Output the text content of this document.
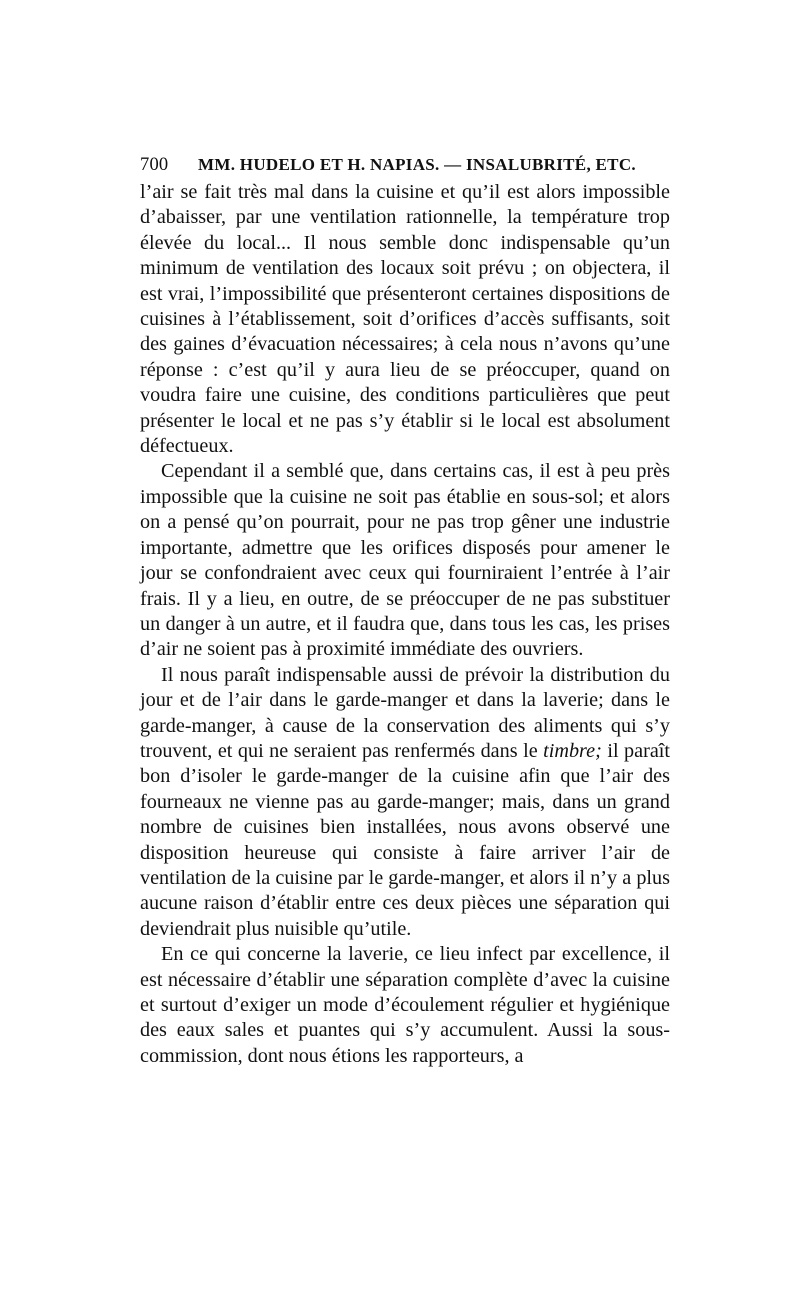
700	MM. HUDELO ET H. NAPIAS. — INSALUBRITÉ, ETC.

l’air se fait très mal dans la cuisine et qu’il est alors impossible d’abaisser, par une ventilation rationnelle, la température trop élevée du local... Il nous semble donc indispensable qu’un minimum de ventilation des locaux soit prévu ; on objectera, il est vrai, l’impossibilité que présenteront certaines dispositions de cuisines à l’établissement, soit d’orifices d’accès suffisants, soit des gaines d’évacuation nécessaires; à cela nous n’avons qu’une réponse : c’est qu’il y aura lieu de se préoccuper, quand on voudra faire une cuisine, des conditions particulières que peut présenter le local et ne pas s’y établir si le local est absolument défectueux.

Cependant il a semblé que, dans certains cas, il est à peu près impossible que la cuisine ne soit pas établie en sous-sol; et alors on a pensé qu’on pourrait, pour ne pas trop gêner une industrie importante, admettre que les orifices disposés pour amener le jour se confondraient avec ceux qui fourniraient l’entrée à l’air frais. Il y a lieu, en outre, de se préoccuper de ne pas substituer un danger à un autre, et il faudra que, dans tous les cas, les prises d’air ne soient pas à proximité immédiate des ouvriers.

Il nous paraît indispensable aussi de prévoir la distribution du jour et de l’air dans le garde-manger et dans la laverie; dans le garde-manger, à cause de la conservation des aliments qui s’y trouvent, et qui ne seraient pas renfermés dans le timbre; il paraît bon d’isoler le garde-manger de la cuisine afin que l’air des fourneaux ne vienne pas au garde-manger; mais, dans un grand nombre de cuisines bien installées, nous avons observé une disposition heureuse qui consiste à faire arriver l’air de ventilation de la cuisine par le garde-manger, et alors il n’y a plus aucune raison d’établir entre ces deux pièces une séparation qui deviendrait plus nuisible qu’utile.

En ce qui concerne la laverie, ce lieu infect par excellence, il est nécessaire d’établir une séparation complète d’avec la cuisine et surtout d’exiger un mode d’écoulement régulier et hygiénique des eaux sales et puantes qui s’y accumulent. Aussi la sous-commission, dont nous étions les rapporteurs, a
